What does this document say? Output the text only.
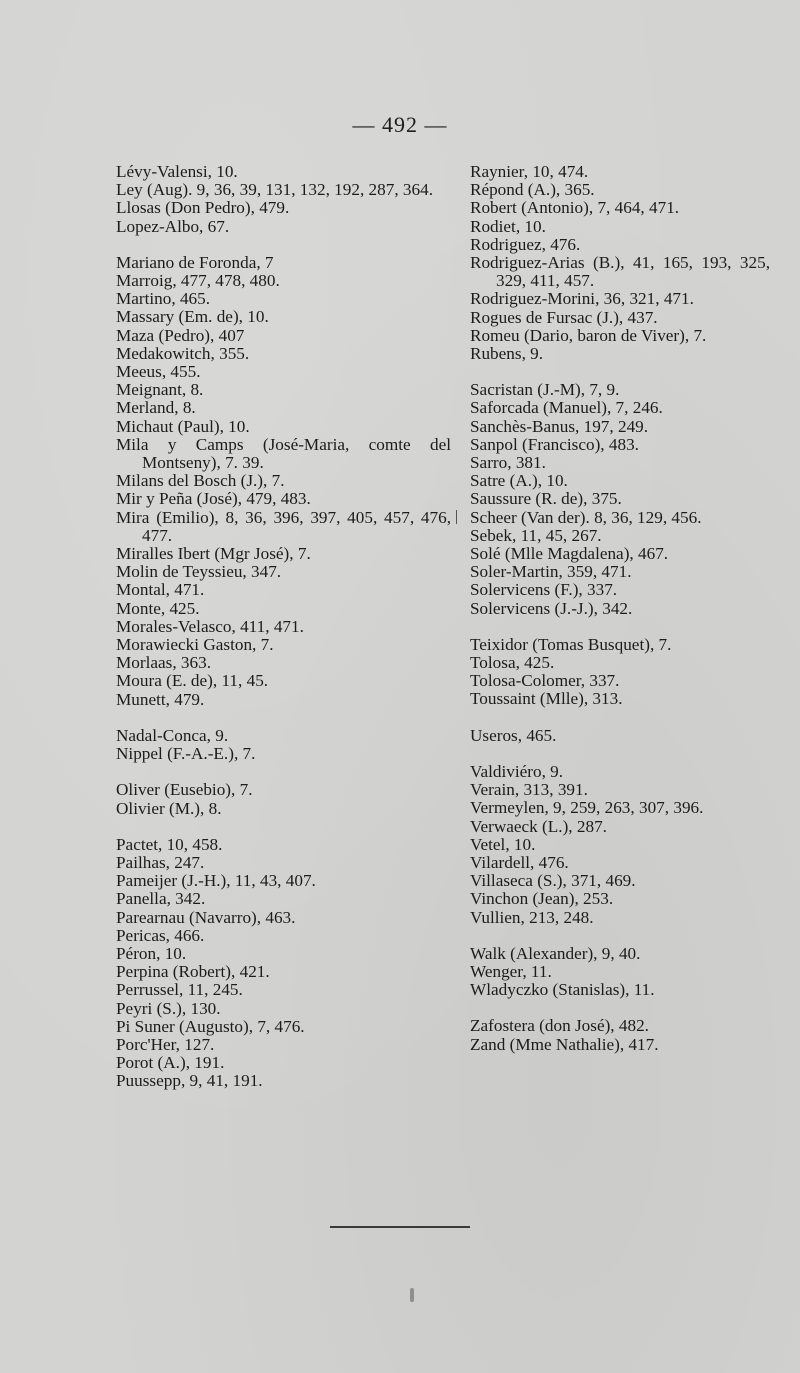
— 492 —
Lévy-Valensi, 10.
Ley (Aug). 9, 36, 39, 131, 132, 192, 287, 364.
Llosas (Don Pedro), 479.
Lopez-Albo, 67.
Mariano de Foronda, 7
Marroig, 477, 478, 480.
Martino, 465.
Massary (Em. de), 10.
Maza (Pedro), 407
Medakowitch, 355.
Meeus, 455.
Meignant, 8.
Merland, 8.
Michaut (Paul), 10.
Mila y Camps (José-Maria, comte del Montseny), 7. 39.
Milans del Bosch (J.), 7.
Mir y Peña (José), 479, 483.
Mira (Emilio), 8, 36, 396, 397, 405, 457, 476, 477.
Miralles Ibert (Mgr José), 7.
Molin de Teyssieu, 347.
Montal, 471.
Monte, 425.
Morales-Velasco, 411, 471.
Morawiecki Gaston, 7.
Morlaas, 363.
Moura (E. de), 11, 45.
Munett, 479.
Nadal-Conca, 9.
Nippel (F.-A.-E.), 7.
Oliver (Eusebio), 7.
Olivier (M.), 8.
Pactet, 10, 458.
Pailhas, 247.
Pameijer (J.-H.), 11, 43, 407.
Panella, 342.
Parearnau (Navarro), 463.
Pericas, 466.
Péron, 10.
Perpina (Robert), 421.
Perrussel, 11, 245.
Peyri (S.), 130.
Pi Suner (Augusto), 7, 476.
Porc'Her, 127.
Porot (A.), 191.
Puussepp, 9, 41, 191.
Raynier, 10, 474.
Répond (A.), 365.
Robert (Antonio), 7, 464, 471.
Rodiet, 10.
Rodriguez, 476.
Rodriguez-Arias (B.), 41, 165, 193, 325, 329, 411, 457.
Rodriguez-Morini, 36, 321, 471.
Rogues de Fursac (J.), 437.
Romeu (Dario, baron de Viver), 7.
Rubens, 9.
Sacristan (J.-M), 7, 9.
Saforcada (Manuel), 7, 246.
Sanchès-Banus, 197, 249.
Sanpol (Francisco), 483.
Sarro, 381.
Satre (A.), 10.
Saussure (R. de), 375.
Scheer (Van der). 8, 36, 129, 456.
Sebek, 11, 45, 267.
Solé (Mlle Magdalena), 467.
Soler-Martin, 359, 471.
Solervicens (F.), 337.
Solervicens (J.-J.), 342.
Teixidor (Tomas Busquet), 7.
Tolosa, 425.
Tolosa-Colomer, 337.
Toussaint (Mlle), 313.
Useros, 465.
Valdiviéro, 9.
Verain, 313, 391.
Vermeylen, 9, 259, 263, 307, 396.
Verwaeck (L.), 287.
Vetel, 10.
Vilardell, 476.
Villaseca (S.), 371, 469.
Vinchon (Jean), 253.
Vullien, 213, 248.
Walk (Alexander), 9, 40.
Wenger, 11.
Wladyczko (Stanislas), 11.
Zafostera (don José), 482.
Zand (Mme Nathalie), 417.
